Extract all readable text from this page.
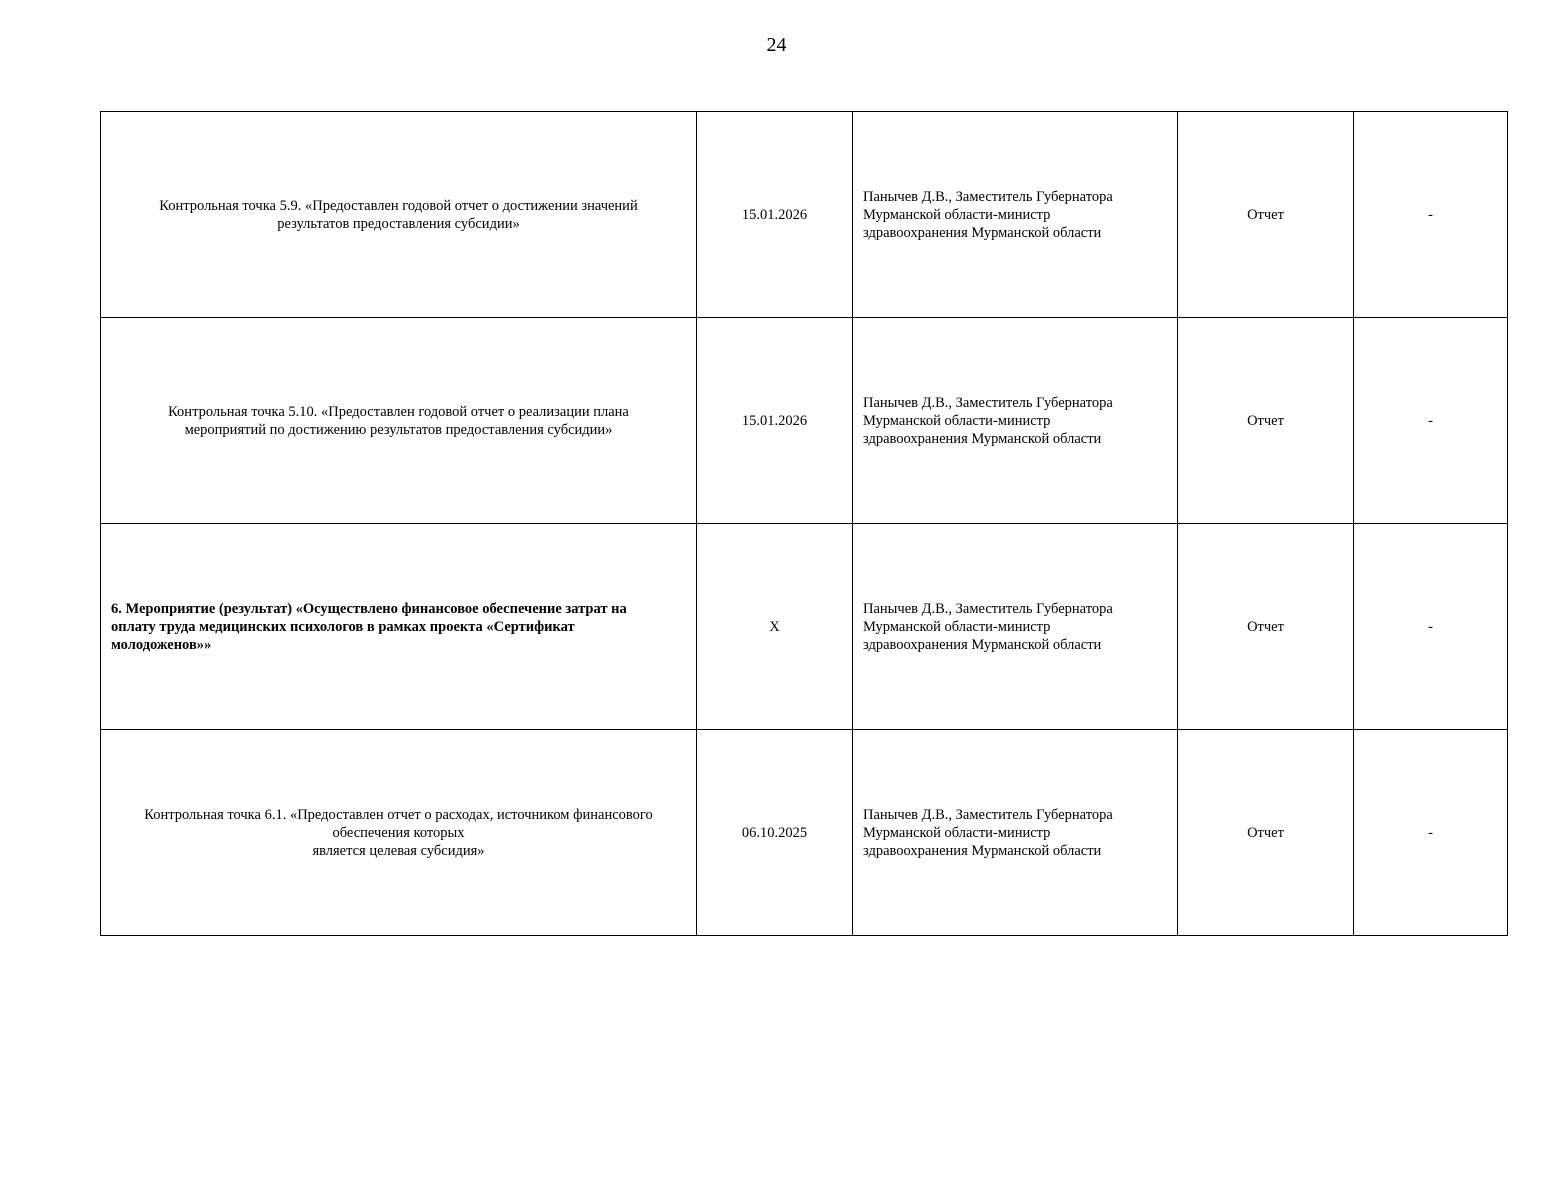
24
Контрольная точка 5.9. «Предоставлен годовой отчет о достижении значений
результатов предоставления субсидии»	15.01.2026	Панычев Д.В., Заместитель Губернатора
Мурманской области-министр
здравоохранения Мурманской области	Отчет	-

Контрольная точка 5.10. «Предоставлен годовой отчет о реализации плана
мероприятий по достижению результатов предоставления субсидии»	15.01.2026	Панычев Д.В., Заместитель Губернатора
Мурманской области-министр
здравоохранения Мурманской области	Отчет	-

6. Мероприятие (результат) «Осуществлено финансовое обеспечение затрат на
оплату труда медицинских психологов в рамках проекта «Сертификат
молодоженов»»	X	Панычев Д.В., Заместитель Губернатора
Мурманской области-министр
здравоохранения Мурманской области	Отчет	-

Контрольная точка 6.1. «Предоставлен отчет о расходах, источником финансового
обеспечения которых
является целевая субсидия»	06.10.2025	Панычев Д.В., Заместитель Губернатора
Мурманской области-министр
здравоохранения Мурманской области	Отчет	-
